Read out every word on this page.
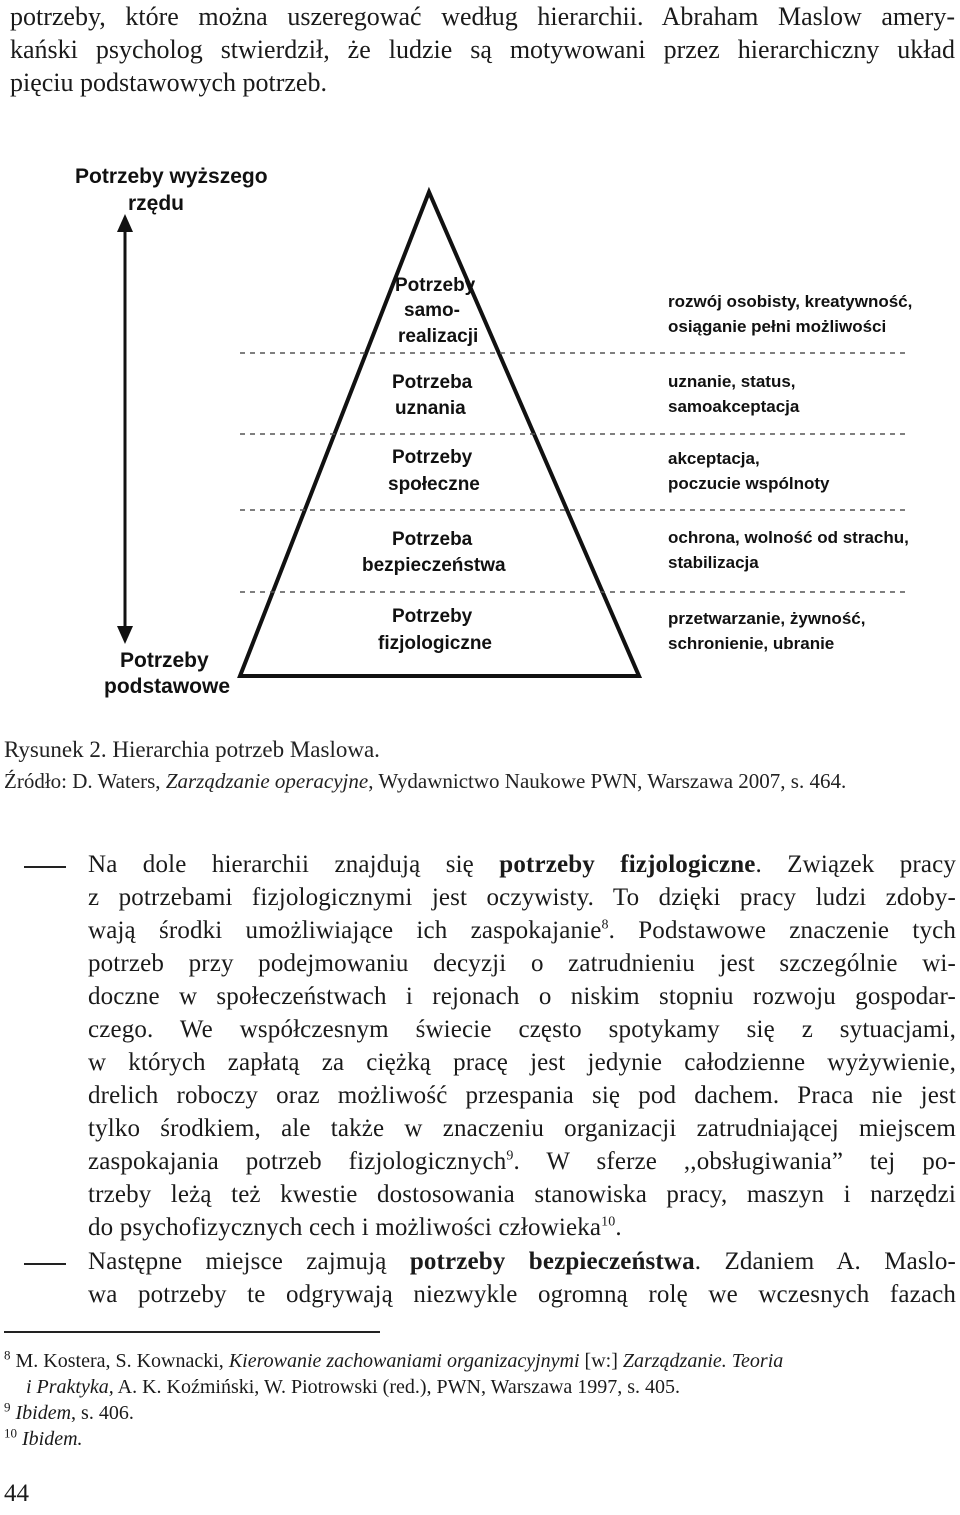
potrzeby, które można uszeregować według hierarchii. Abraham Maslow amery-
kański psycholog stwierdził, że ludzie są motywowani przez hierarchiczny układ
pięciu podstawowych potrzeb.
Potrzeby wyższego
rzędu
Potrzeby
podstawowe
Potrzeby
samo-
realizacji
Potrzeba
uznania
Potrzeby
społeczne
Potrzeba
bezpieczeństwa
Potrzeby
fizjologiczne
rozwój osobisty, kreatywność,
osiąganie pełni możliwości
uznanie, status,
samoakceptacja
akceptacja,
poczucie wspólnoty
ochrona, wolność od strachu,
stabilizacja
przetwarzanie, żywność,
schronienie, ubranie
Rysunek 2. Hierarchia potrzeb Maslowa.
Źródło: D. Waters, Zarządzanie operacyjne, Wydawnictwo Naukowe PWN, Warszawa 2007, s. 464.
Na dole hierarchii znajdują się potrzeby fizjologiczne. Związek pracy
z potrzebami fizjologicznymi jest oczywisty. To dzięki pracy ludzi zdoby-
wają środki umożliwiające ich zaspokajanie$^8$. Podstawowe znaczenie tych
potrzeb przy podejmowaniu decyzji o zatrudnieniu jest szczególnie wi-
doczne w społeczeństwach i rejonach o niskim stopniu rozwoju gospodar-
czego. We współczesnym świecie często spotykamy się z sytuacjami,
w których zapłatą za ciężką pracę jest jedynie całodzienne wyżywienie,
drelich roboczy oraz możliwość przespania się pod dachem. Praca nie jest
tylko środkiem, ale także w znaczeniu organizacji zatrudniającej miejscem
zaspokajania potrzeb fizjologicznych$^9$. W sferze ,,obsługiwania” tej po-
trzeby leżą też kwestie dostosowania stanowiska pracy, maszyn i narzędzi
do psychofizycznych cech i możliwości człowieka$^{10}$.
Następne miejsce zajmują potrzeby bezpieczeństwa. Zdaniem A. Maslo-
wa potrzeby te odgrywają niezwykle ogromną rolę we wczesnych fazach
$^8$ M. Kostera, S. Kownacki, Kierowanie zachowaniami organizacyjnymi [w:] Zarządzanie. Teoria
i Praktyka, A. K. Koźmiński, W. Piotrowski (red.), PWN, Warszawa 1997, s. 405.
$^9$ Ibidem, s. 406.
$^{10}$ Ibidem.
44
